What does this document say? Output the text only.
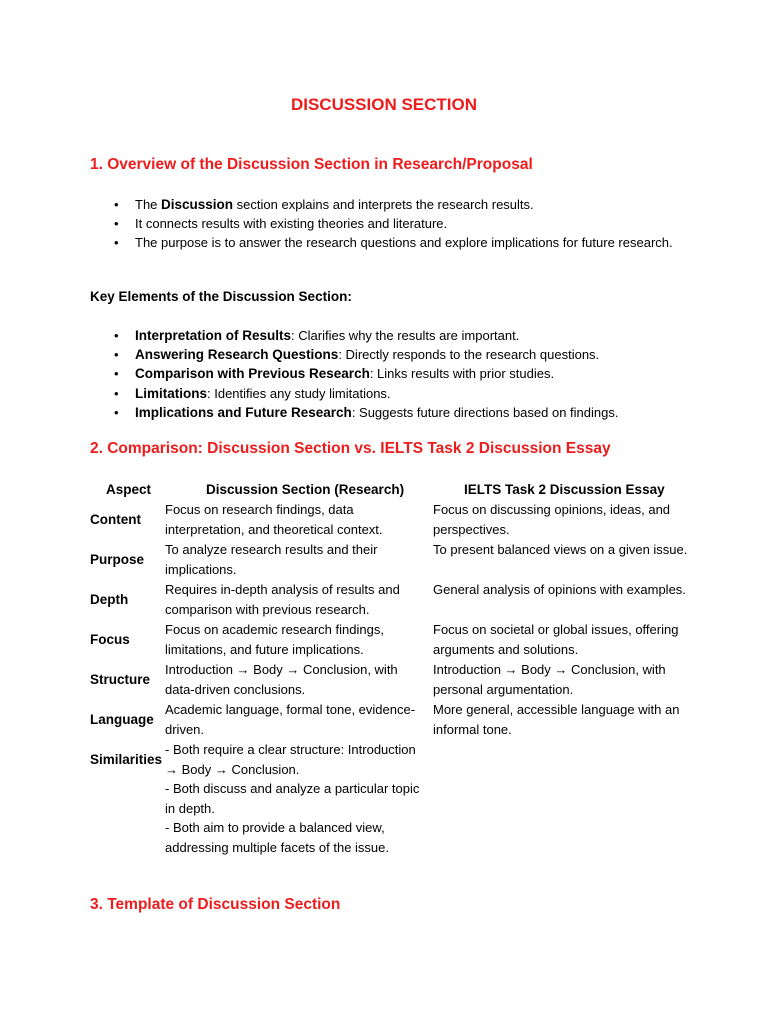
DISCUSSION SECTION
1. Overview of the Discussion Section in Research/Proposal
• The Discussion section explains and interprets the research results.
• It connects results with existing theories and literature.
• The purpose is to answer the research questions and explore implications for future research.
Key Elements of the Discussion Section:
• Interpretation of Results: Clarifies why the results are important.
• Answering Research Questions: Directly responds to the research questions.
• Comparison with Previous Research: Links results with prior studies.
• Limitations: Identifies any study limitations.
• Implications and Future Research: Suggests future directions based on findings.
2. Comparison: Discussion Section vs. IELTS Task 2 Discussion Essay
Aspect	Discussion Section (Research)	IELTS Task 2 Discussion Essay
Content
Focus on research findings, data interpretation, and theoretical context.
Focus on discussing opinions, ideas, and perspectives.
Purpose
To analyze research results and their implications.
To present balanced views on a given issue.
Depth
Requires in-depth analysis of results and comparison with previous research.
General analysis of opinions with examples.
Focus
Focus on academic research findings, limitations, and future implications.
Focus on societal or global issues, offering arguments and solutions.
Structure
Introduction → Body → Conclusion, with data-driven conclusions.
Introduction → Body → Conclusion, with personal argumentation.
Language
Academic language, formal tone, evidence-driven.
More general, accessible language with an informal tone.
Similarities
- Both require a clear structure: Introduction → Body → Conclusion.
- Both discuss and analyze a particular topic in depth.
- Both aim to provide a balanced view, addressing multiple facets of the issue.
3. Template of Discussion Section
